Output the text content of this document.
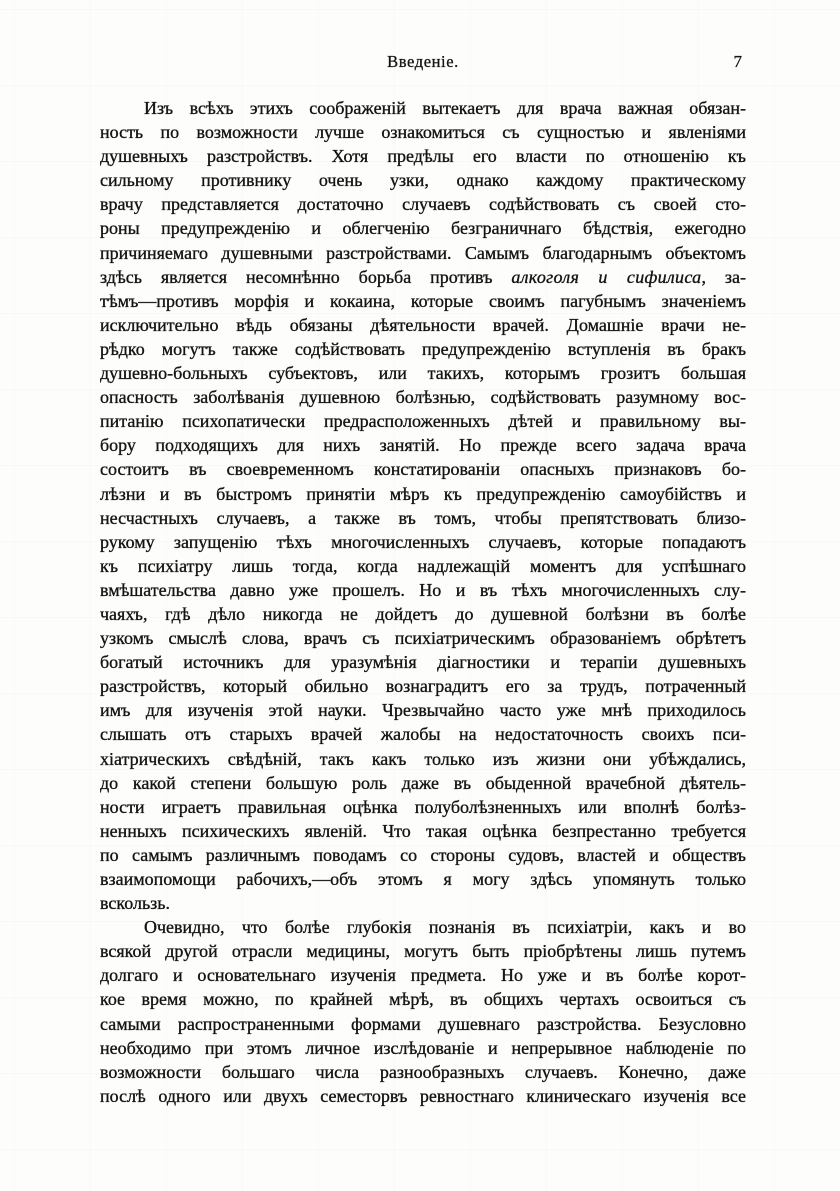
Введеніе.	7
Изъ всѣхъ этихъ соображеній вытекаетъ для врача важная обязан-
ность по возможности лучше ознакомиться съ сущностью и явленіями
душевныхъ разстройствъ. Хотя предѣлы его власти по отношенію къ
сильному противнику очень узки, однако каждому практическому
врачу представляется достаточно случаевъ содѣйствовать съ своей сто-
роны предупрежденію и облегченію безграничнаго бѣдствія, ежегодно
причиняемаго душевными разстройствами. Самымъ благодарнымъ объектомъ
здѣсь является несомнѣнно борьба противъ алкоголя и сифилиса, за-
тѣмъ—противъ морфія и кокаина, которые своимъ пагубнымъ значеніемъ
исключительно вѣдь обязаны дѣятельности врачей. Домашніе врачи не-
рѣдко могутъ также содѣйствовать предупрежденію вступленія въ бракъ
душевно-больныхъ субъектовъ, или такихъ, которымъ грозитъ большая
опасность заболѣванія душевною болѣзнью, содѣйствовать разумному вос-
питанію психопатически предрасположенныхъ дѣтей и правильному вы-
бору подходящихъ для нихъ занятій. Но прежде всего задача врача
состоитъ въ своевременномъ констатированіи опасныхъ признаковъ бо-
лѣзни и въ быстромъ принятіи мѣръ къ предупрежденію самоубійствъ и
несчастныхъ случаевъ, а также въ томъ, чтобы препятствовать близо-
рукому запущенію тѣхъ многочисленныхъ случаевъ, которые попадаютъ
къ психіатру лишь тогда, когда надлежащій моментъ для успѣшнаго
вмѣшательства давно уже прошелъ. Но и въ тѣхъ многочисленныхъ слу-
чаяхъ, гдѣ дѣло никогда не дойдетъ до душевной болѣзни въ болѣе
узкомъ смыслѣ слова, врачъ съ психіатрическимъ образованіемъ обрѣтетъ
богатый источникъ для уразумѣнія діагностики и терапіи душевныхъ
разстройствъ, который обильно вознаградитъ его за трудъ, потраченный
имъ для изученія этой науки. Чрезвычайно часто уже мнѣ приходилось
слышать отъ старыхъ врачей жалобы на недостаточность своихъ пси-
хіатрическихъ свѣдѣній, такъ какъ только изъ жизни они убѣждались,
до какой степени большую роль даже въ обыденной врачебной дѣятель-
ности играетъ правильная оцѣнка полуболѣзненныхъ или вполнѣ болѣз-
ненныхъ психическихъ явленій. Что такая оцѣнка безпрестанно требуется
по самымъ различнымъ поводамъ со стороны судовъ, властей и обществъ
взаимопомощи рабочихъ,—объ этомъ я могу здѣсь упомянуть только
вскользь.
Очевидно, что болѣе глубокія познанія въ психіатріи, какъ и во
всякой другой отрасли медицины, могутъ быть пріобрѣтены лишь путемъ
долгаго и основательнаго изученія предмета. Но уже и въ болѣе корот-
кое время можно, по крайней мѣрѣ, въ общихъ чертахъ освоиться съ
самыми распространенными формами душевнаго разстройства. Безусловно
необходимо при этомъ личное изслѣдованіе и непрерывное наблюденіе по
возможности большаго числа разнообразныхъ случаевъ. Конечно, даже
послѣ одного или двухъ семесторвъ ревностнаго клиническаго изученія все
